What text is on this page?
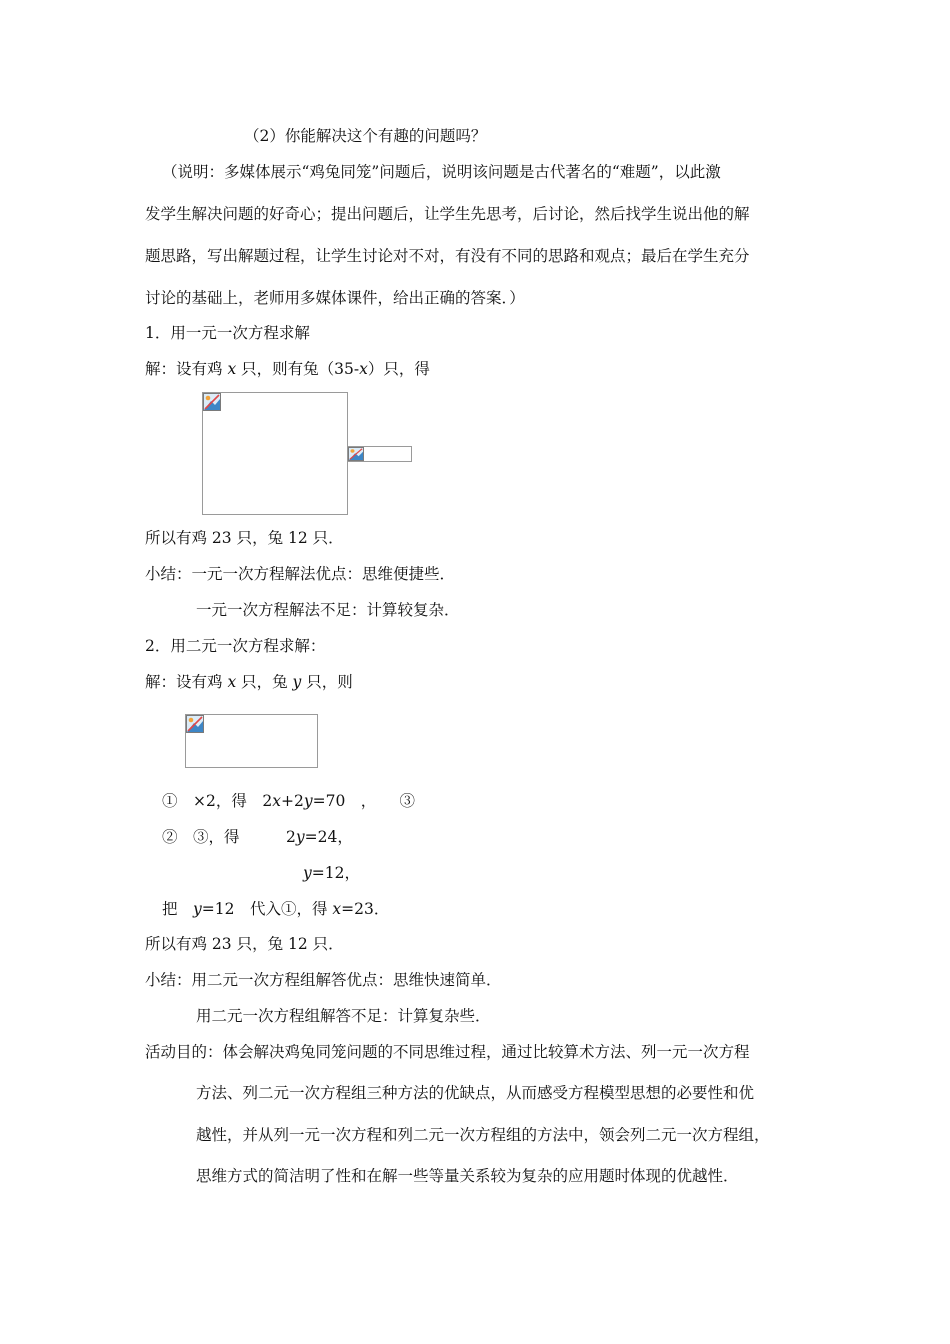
（2）你能解决这个有趣的问题吗？
（说明：多媒体展示“鸡兔同笼”问题后，说明该问题是古代著名的“难题”，以此激
发学生解决问题的好奇心；提出问题后，让学生先思考，后讨论，然后找学生说出他的解
题思路，写出解题过程，让学生讨论对不对，有没有不同的思路和观点；最后在学生充分
讨论的基础上，老师用多媒体课件，给出正确的答案．）
1．用一元一次方程求解
解：设有鸡 x 只，则有兔（35-x）只，得
所以有鸡 23 只，兔 12 只．
小结：一元一次方程解法优点：思维便捷些．
一元一次方程解法不足：计算较复杂．
2．用二元一次方程求解：
解：设有鸡 x 只，兔 y 只，则
①　×2，得　2x+2y=70　，　　③
②　③，得　　　2y=24，
y=12，
把　y=12　代入①，得 x=23．
所以有鸡 23 只，兔 12 只．
小结：用二元一次方程组解答优点：思维快速简单．
用二元一次方程组解答不足：计算复杂些．
活动目的：体会解决鸡兔同笼问题的不同思维过程，通过比较算术方法、列一元一次方程
方法、列二元一次方程组三种方法的优缺点，从而感受方程模型思想的必要性和优
越性，并从列一元一次方程和列二元一次方程组的方法中，领会列二元一次方程组，
思维方式的简洁明了性和在解一些等量关系较为复杂的应用题时体现的优越性．
